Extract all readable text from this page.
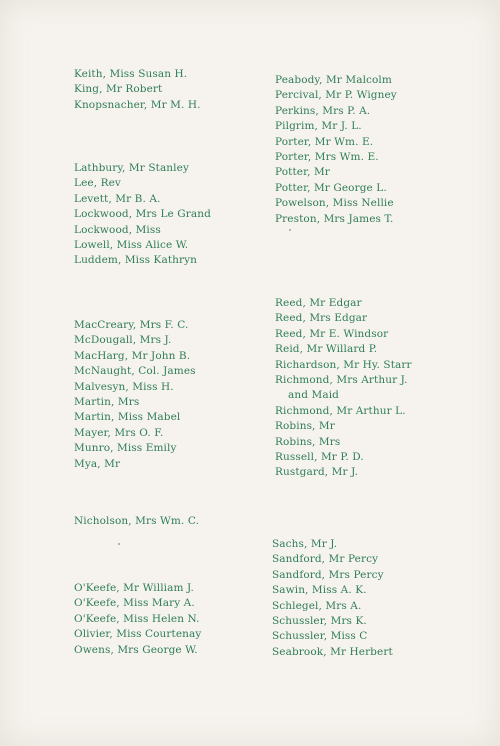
Keith, Miss Susan H.
King, Mr Robert
Knopsnacher, Mr M. H.
Lathbury, Mr Stanley
Lee, Rev
Levett, Mr B. A.
Lockwood, Mrs Le Grand
Lockwood, Miss
Lowell, Miss Alice W.
Luddem, Miss Kathryn
MacCreary, Mrs F. C.
McDougall, Mrs J.
MacHarg, Mr John B.
McNaught, Col. James
Malvesyn, Miss H.
Martin, Mrs
Martin, Miss Mabel
Mayer, Mrs O. F.
Munro, Miss Emily
Mya, Mr
Nicholson, Mrs Wm. C.
O'Keefe, Mr William J.
O'Keefe, Miss Mary A.
O'Keefe, Miss Helen N.
Olivier, Miss Courtenay
Owens, Mrs George W.
Peabody, Mr Malcolm
Percival, Mr P. Wigney
Perkins, Mrs P. A.
Pilgrim, Mr J. L.
Porter, Mr Wm. E.
Porter, Mrs Wm. E.
Potter, Mr
Potter, Mr George L.
Powelson, Miss Nellie
Preston, Mrs James T.
Reed, Mr Edgar
Reed, Mrs Edgar
Reed, Mr E. Windsor
Reid, Mr Willard P.
Richardson, Mr Hy. Starr
Richmond, Mrs Arthur J.
and Maid
Richmond, Mr Arthur L.
Robins, Mr
Robins, Mrs
Russell, Mr P. D.
Rustgard, Mr J.
Sachs, Mr J.
Sandford, Mr Percy
Sandford, Mrs Percy
Sawin, Miss A. K.
Schlegel, Mrs A.
Schussler, Mrs K.
Schussler, Miss C
Seabrook, Mr Herbert
